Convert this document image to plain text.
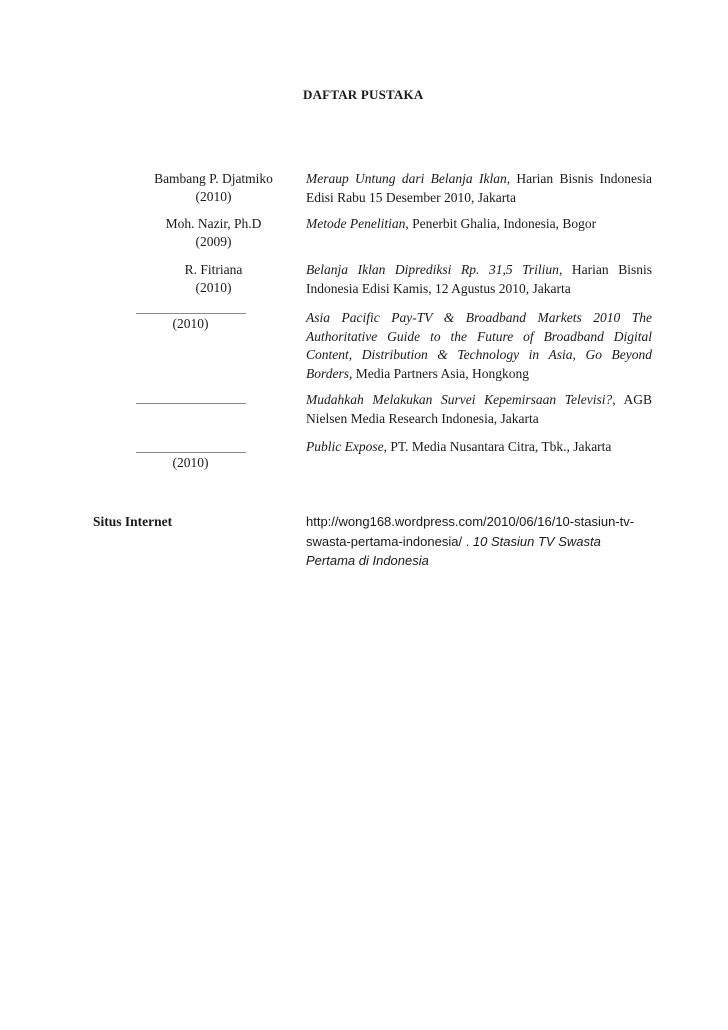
DAFTAR PUSTAKA
Bambang P. Djatmiko
(2010)
Meraup Untung dari Belanja Iklan, Harian Bisnis Indonesia Edisi Rabu 15 Desember 2010, Jakarta
Moh. Nazir, Ph.D
(2009)
Metode Penelitian, Penerbit Ghalia, Indonesia, Bogor
R. Fitriana
(2010)
Belanja Iklan Diprediksi Rp. 31,5 Triliun, Harian Bisnis Indonesia Edisi Kamis, 12 Agustus 2010, Jakarta
(2010)	Asia Pacific Pay-TV & Broadband Markets 2010 The Authoritative Guide to the Future of Broadband Digital Content, Distribution & Technology in Asia, Go Beyond Borders, Media Partners Asia, Hongkong
Mudahkah Melakukan Survei Kepemirsaan Televisi?, AGB Nielsen Media Research Indonesia, Jakarta
(2010)
Public Expose, PT. Media Nusantara Citra, Tbk., Jakarta
Situs Internet	http://wong168.wordpress.com/2010/06/16/10-stasiun-tv-swasta-pertama-indonesia/ . 10 Stasiun TV Swasta Pertama di Indonesia
